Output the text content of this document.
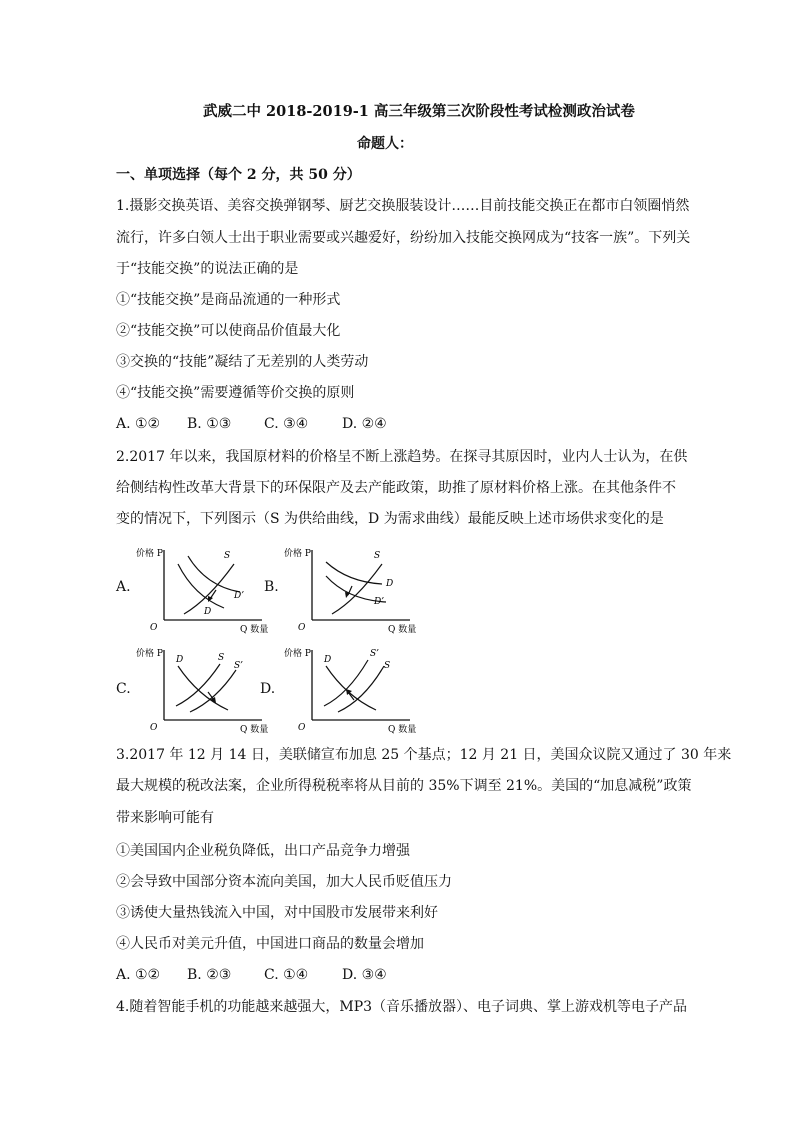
武威二中 2018-2019-1 高三年级第三次阶段性考试检测政治试卷
命题人：
一、单项选择（每个 2 分，共 50 分）
1.摄影交换英语、美容交换弹钢琴、厨艺交换服装设计……目前技能交换正在都市白领圈悄然
流行，许多白领人士出于职业需要或兴趣爱好，纷纷加入技能交换网成为“技客一族”。下列关
于“技能交换”的说法正确的是
①“技能交换”是商品流通的一种形式
②“技能交换”可以使商品价值最大化
③交换的“技能”凝结了无差别的人类劳动
④“技能交换”需要遵循等价交换的原则
A. ①② B. ①③ C. ③④ D. ②④
2.2017 年以来，我国原材料的价格呈不断上涨趋势。在探寻其原因时，业内人士认为，在供
给侧结构性改革大背景下的环保限产及去产能政策，助推了原材料价格上涨。在其他条件不
变的情况下，下列图示（S 为供给曲线，D 为需求曲线）最能反映上述市场供求变化的是
A.
价格 P
O	Q 数量
S
D’
D
B.
价格 P
O	Q 数量
S
D
D’
C.
价格 P
O	Q 数量
D	S
S’
D.
价格 P
O	Q 数量
D
S’
S
3.2017 年 12 月 14 日，美联储宣布加息 25 个基点；12 月 21 日，美国众议院又通过了 30 年来
最大规模的税改法案，企业所得税税率将从目前的 35%下调至 21%。美国的“加息减税”政策
带来影响可能有
①美国国内企业税负降低，出口产品竞争力增强
②会导致中国部分资本流向美国，加大人民币贬值压力
③诱使大量热钱流入中国，对中国股市发展带来利好
④人民币对美元升值，中国进口商品的数量会增加
A. ①② B. ②③ C. ①④ D. ③④
4.随着智能手机的功能越来越强大，MP3（音乐播放器）、电子词典、掌上游戏机等电子产品
